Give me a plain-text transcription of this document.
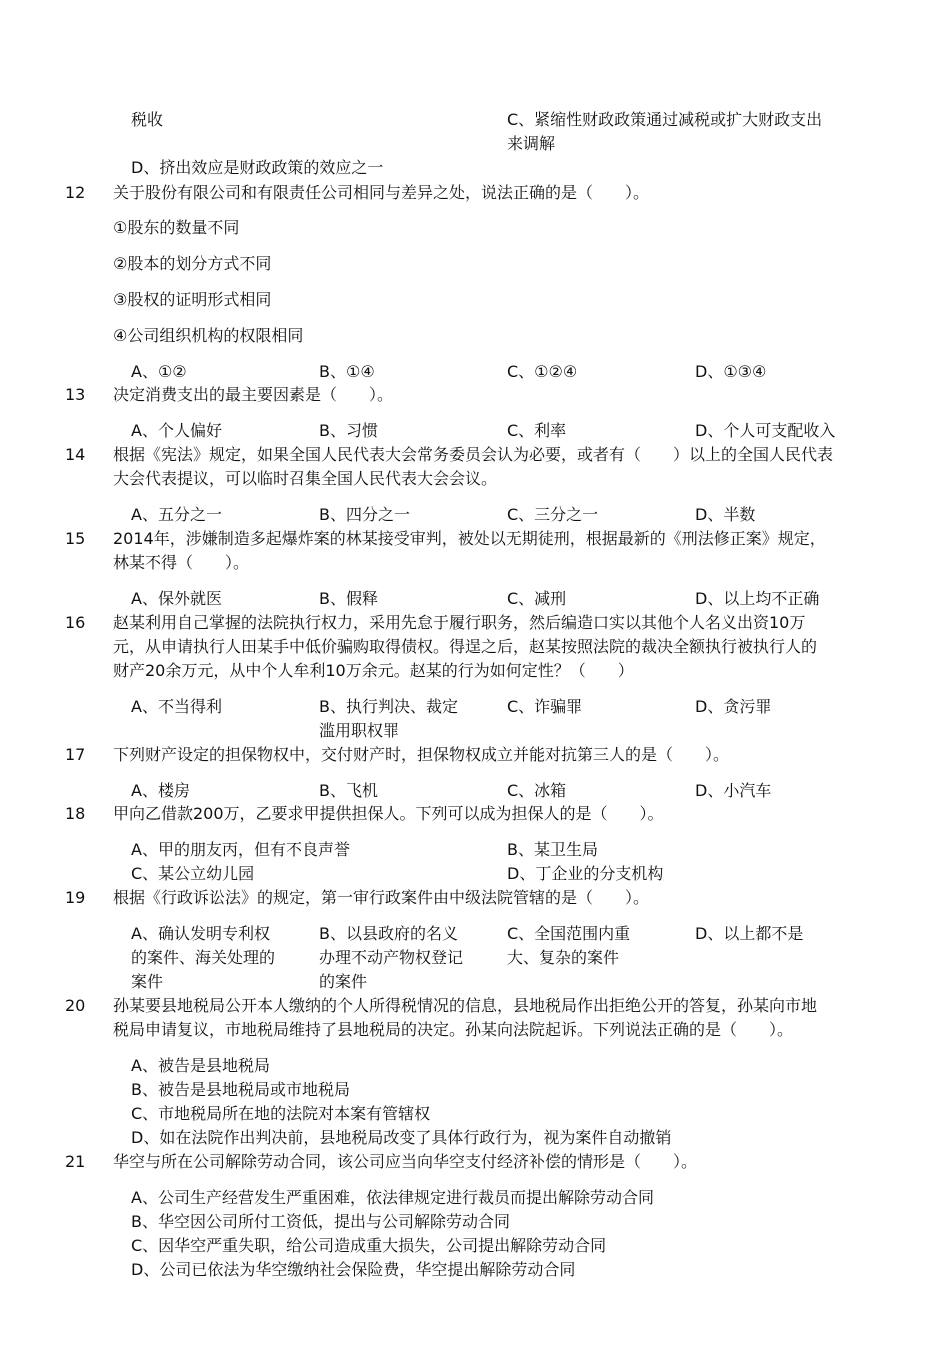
税收	C、紧缩性财政政策通过减税或扩大财政支出
来调解
D、挤出效应是财政政策的效应之一
12 关于股份有限公司和有限责任公司相同与差异之处，说法正确的是（　　）。
①股东的数量不同
②股本的划分方式不同
③股权的证明形式相同
④公司组织机构的权限相同
A、①②	B、①④	C、①②④	D、①③④
13 决定消费支出的最主要因素是（　　）。
A、个人偏好	B、习惯	C、利率	D、个人可支配收入
14 根据《宪法》规定，如果全国人民代表大会常务委员会认为必要，或者有（　　）以上的全国人民代表
大会代表提议，可以临时召集全国人民代表大会会议。
A、五分之一	B、四分之一	C、三分之一	D、半数
15 2014年，涉嫌制造多起爆炸案的林某接受审判，被处以无期徒刑，根据最新的《刑法修正案》规定，
林某不得（　　）。
A、保外就医	B、假释	C、减刑	D、以上均不正确
16 赵某利用自己掌握的法院执行权力，采用先怠于履行职务，然后编造口实以其他个人名义出资10万
元，从申请执行人田某手中低价骗购取得债权。得逞之后，赵某按照法院的裁决全额执行被执行人的
财产20余万元，从中个人牟利10万余元。赵某的行为如何定性？（　　）
A、不当得利	B、执行判决、裁定
滥用职权罪
C、诈骗罪	D、贪污罪
17 下列财产设定的担保物权中，交付财产时，担保物权成立并能对抗第三人的是（　　）。
A、楼房	B、飞机	C、冰箱	D、小汽车
18 甲向乙借款200万，乙要求甲提供担保人。下列可以成为担保人的是（　　）。
A、甲的朋友丙，但有不良声誉	B、某卫生局
C、某公立幼儿园	D、丁企业的分支机构
19 根据《行政诉讼法》的规定，第一审行政案件由中级法院管辖的是（　　）。
A、确认发明专利权
的案件、海关处理的
案件
B、以县政府的名义
办理不动产物权登记
的案件
C、全国范围内重
大、复杂的案件
D、以上都不是
20 孙某要县地税局公开本人缴纳的个人所得税情况的信息，县地税局作出拒绝公开的答复，孙某向市地
税局申请复议，市地税局维持了县地税局的决定。孙某向法院起诉。下列说法正确的是（　　）。
A、被告是县地税局
B、被告是县地税局或市地税局
C、市地税局所在地的法院对本案有管辖权
D、如在法院作出判决前，县地税局改变了具体行政行为，视为案件自动撤销
21 华空与所在公司解除劳动合同，该公司应当向华空支付经济补偿的情形是（　　）。
A、公司生产经营发生严重困难，依法律规定进行裁员而提出解除劳动合同
B、华空因公司所付工资低，提出与公司解除劳动合同
C、因华空严重失职，给公司造成重大损失，公司提出解除劳动合同
D、公司已依法为华空缴纳社会保险费，华空提出解除劳动合同
